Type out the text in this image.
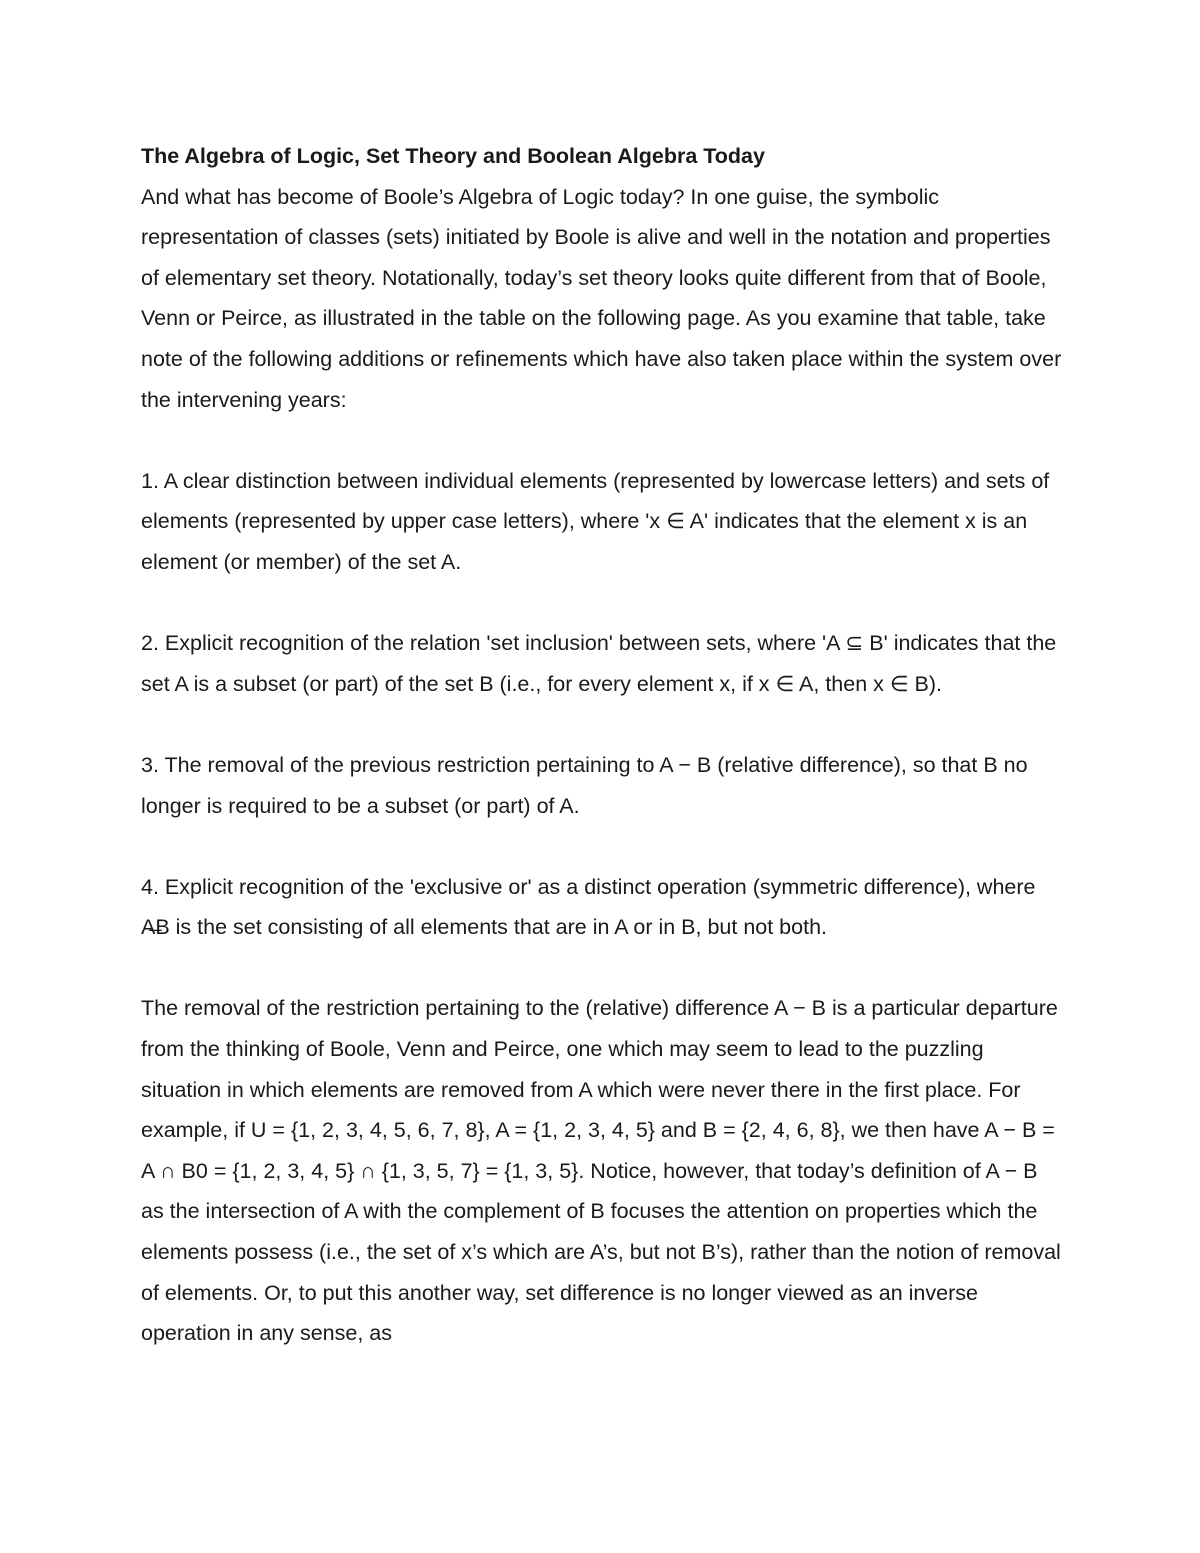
The Algebra of Logic, Set Theory and Boolean Algebra Today

And what has become of Boole’s Algebra of Logic today? In one guise, the symbolic representation of classes (sets) initiated by Boole is alive and well in the notation and properties of elementary set theory. Notationally, today’s set theory looks quite different from that of Boole, Venn or Peirce, as illustrated in the table on the following page. As you examine that table, take note of the following additions or refinements which have also taken place within the system over the intervening years:

1. A clear distinction between individual elements (represented by lowercase letters) and sets of elements (represented by upper case letters), where 'x ∈ A' indicates that the element x is an element (or member) of the set A.

2. Explicit recognition of the relation 'set inclusion' between sets, where 'A ⊆ B' indicates that the set A is a subset (or part) of the set B (i.e., for every element x, if x ∈ A, then x ∈ B).

3. The removal of the previous restriction pertaining to A − B (relative difference), so that B no longer is required to be a subset (or part) of A.

4. Explicit recognition of the 'exclusive or' as a distinct operation (symmetric difference), where A̶B is the set consisting of all elements that are in A or in B, but not both.

The removal of the restriction pertaining to the (relative) difference A − B is a particular departure from the thinking of Boole, Venn and Peirce, one which may seem to lead to the puzzling situation in which elements are removed from A which were never there in the first place. For example, if U = {1, 2, 3, 4, 5, 6, 7, 8}, A = {1, 2, 3, 4, 5} and B = {2, 4, 6, 8}, we then have A − B = A ∩ B0 = {1, 2, 3, 4, 5} ∩ {1, 3, 5, 7} = {1, 3, 5}. Notice, however, that today’s definition of A − B as the intersection of A with the complement of B focuses the attention on properties which the elements possess (i.e., the set of x’s which are A’s, but not B’s), rather than the notion of removal of elements. Or, to put this another way, set difference is no longer viewed as an inverse operation in any sense, as
